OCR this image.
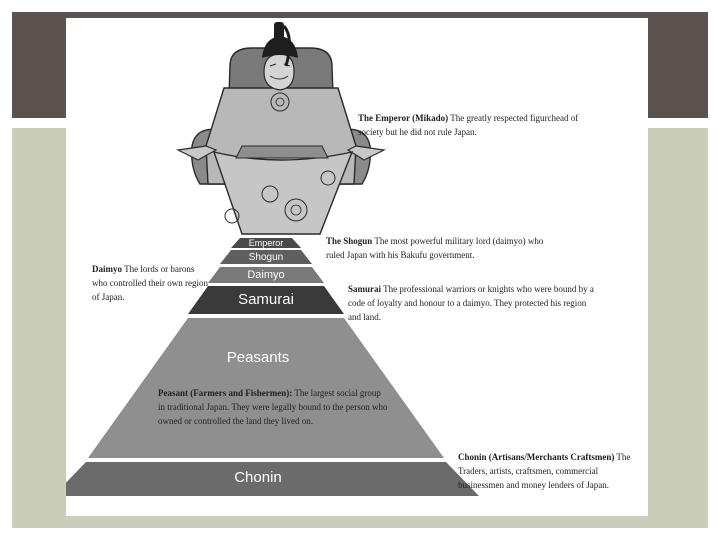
Emperor
Shogun
Daimyo
Samurai
Peasants
Chonin
The Emperor (Mikado) The greatly respected figurchead of society but he did not rule Japan.
The Shogun The most powerful military lord (daimyo) who ruled Japan with his Bakufu government.
Daimyo The lords or barons who controlled their own region of Japan.
Samurai The professional warriors or knights who were bound by a code of loyalty and honour to a daimyo. They protected his region and land.
Peasant (Farmers and Fishermen): The largest social group in traditional Japan. They were legally bound to the person who owned or controlled the land they lived on.
Chonin (Artisans/Merchants Craftsmen) The Traders, artists, craftsmen, commercial businessmen and money lenders of Japan.
